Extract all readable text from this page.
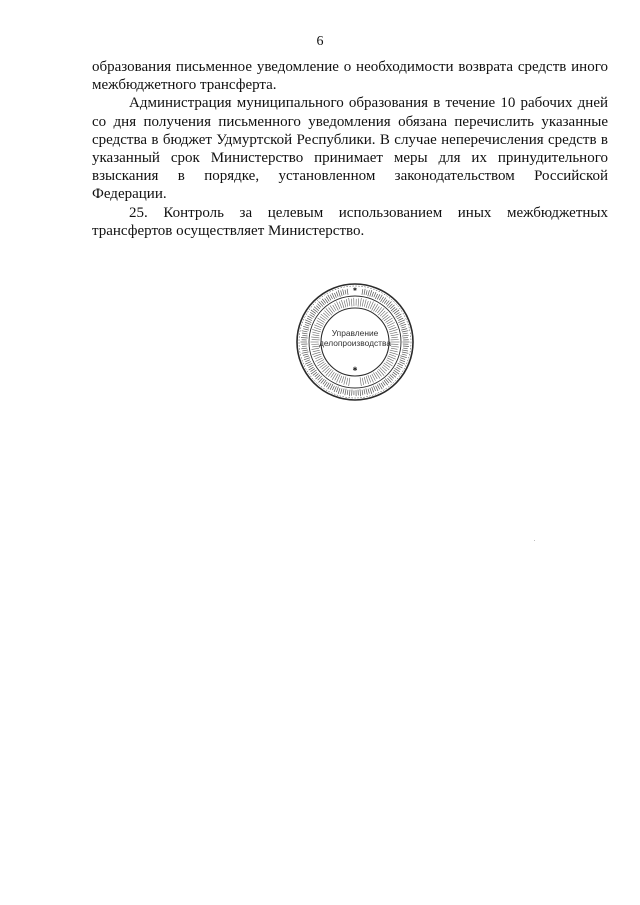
6

образования письменное уведомление о необходимости возврата средств иного межбюджетного трансферта.

Администрация муниципального образования в течение 10 рабочих дней со дня получения письменного уведомления обязана перечислить указанные средства в бюджет Удмуртской Республики. В случае неперечисления средств в указанный срок Министерство принимает меры для их принудительного взыскания в порядке, установленном законодательством Российской Федерации.

25. Контроль за целевым использованием иных межбюджетных трансфертов осуществляет Министерство.

✱
✱
Управление
делопроизводства
